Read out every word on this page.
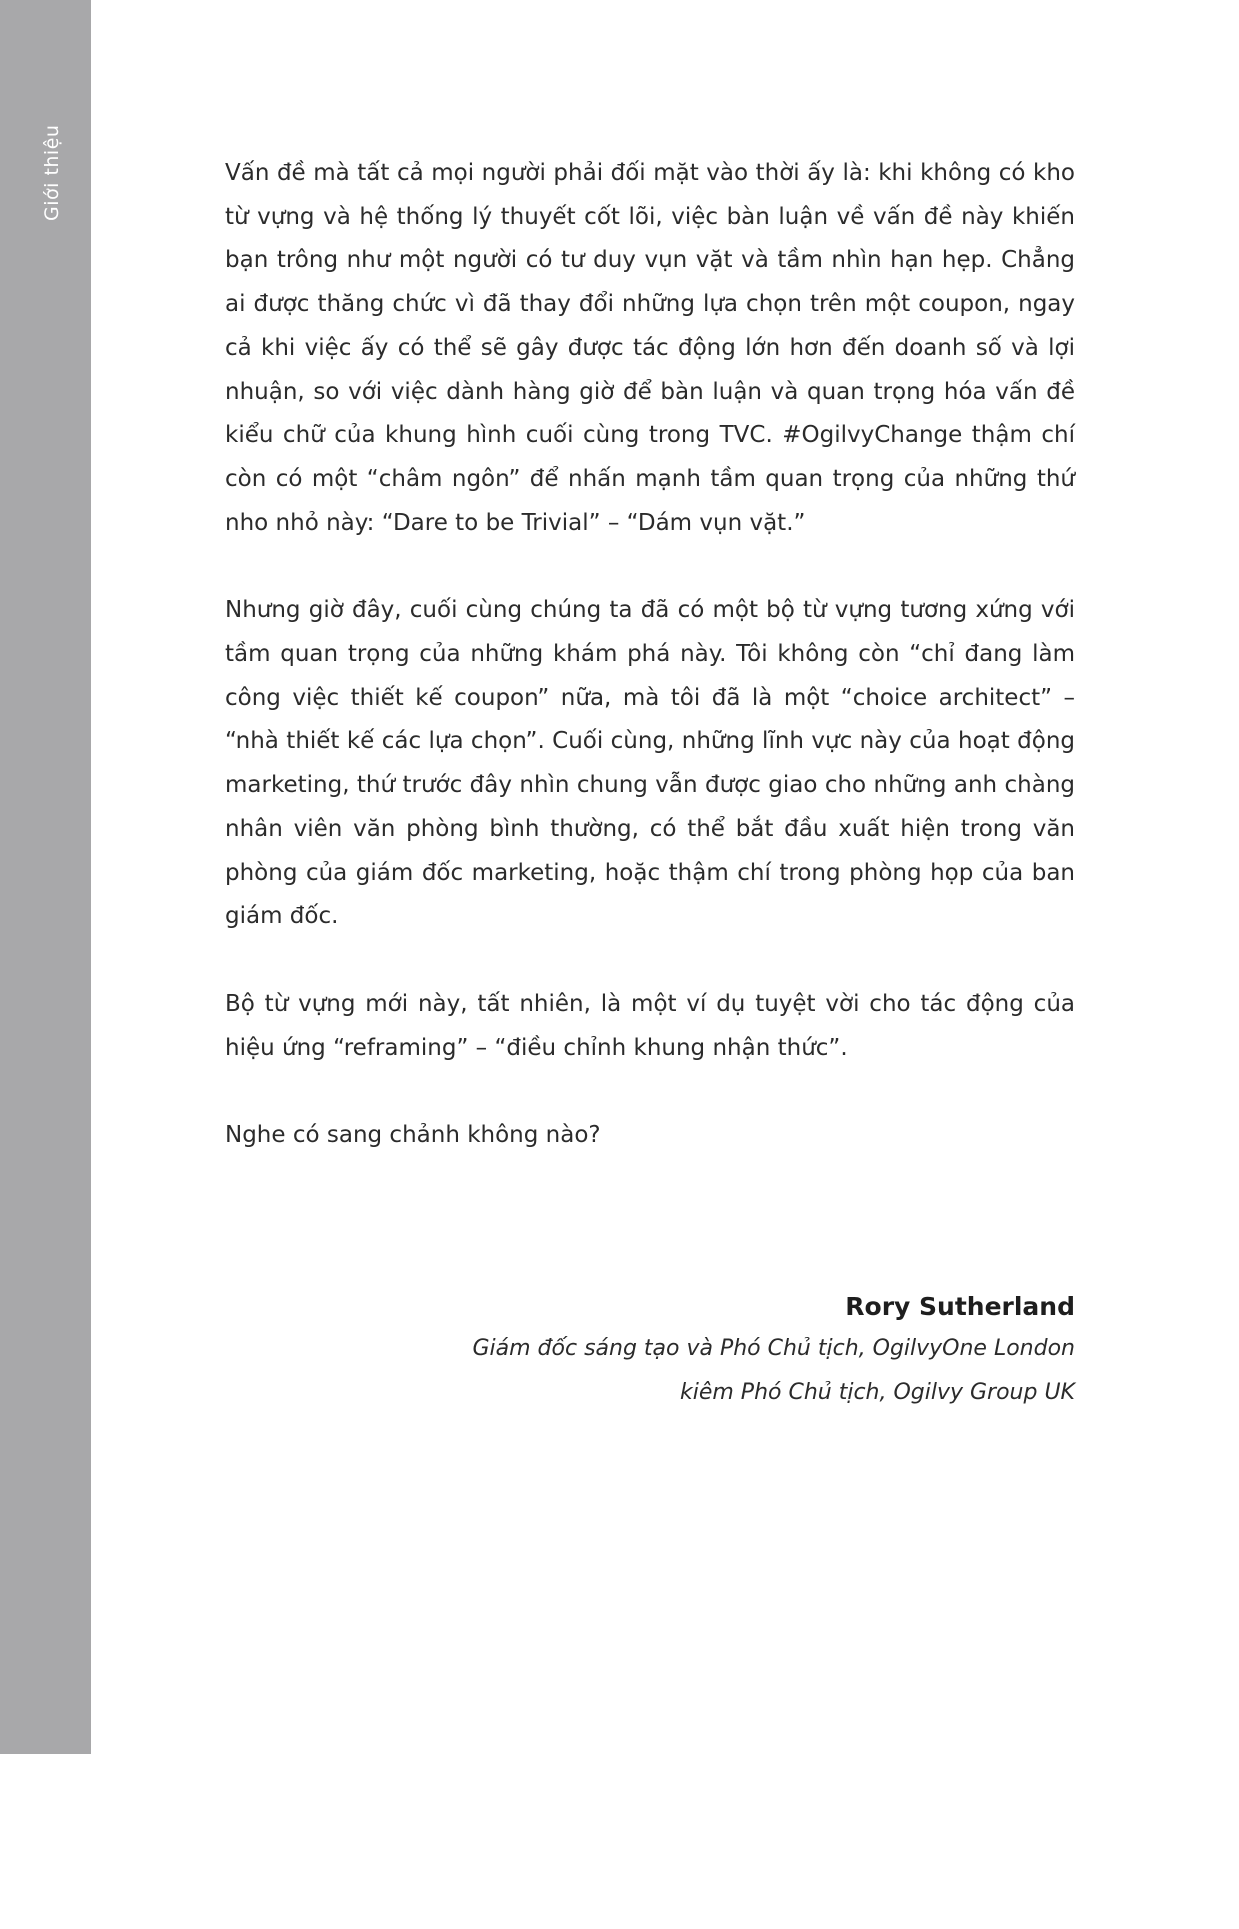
Giới thiệu
12
13

Vấn đề mà tất cả mọi người phải đối mặt vào thời ấy là: khi không có kho từ vựng và hệ thống lý thuyết cốt lõi, việc bàn luận về vấn đề này khiến bạn trông như một người có tư duy vụn vặt và tầm nhìn hạn hẹp. Chẳng ai được thăng chức vì đã thay đổi những lựa chọn trên một coupon, ngay cả khi việc ấy có thể sẽ gây được tác động lớn hơn đến doanh số và lợi nhuận, so với việc dành hàng giờ để bàn luận và quan trọng hóa vấn đề kiểu chữ của khung hình cuối cùng trong TVC. #OgilvyChange thậm chí còn có một “châm ngôn” để nhấn mạnh tầm quan trọng của những thứ nho nhỏ này: “Dare to be Trivial” – “Dám vụn vặt.”

Nhưng giờ đây, cuối cùng chúng ta đã có một bộ từ vựng tương xứng với tầm quan trọng của những khám phá này. Tôi không còn “chỉ đang làm công việc thiết kế coupon” nữa, mà tôi đã là một “choice architect” – “nhà thiết kế các lựa chọn”. Cuối cùng, những lĩnh vực này của hoạt động marketing, thứ trước đây nhìn chung vẫn được giao cho những anh chàng nhân viên văn phòng bình thường, có thể bắt đầu xuất hiện trong văn phòng của giám đốc marketing, hoặc thậm chí trong phòng họp của ban giám đốc.

Bộ từ vựng mới này, tất nhiên, là một ví dụ tuyệt vời cho tác động của hiệu ứng “reframing” – “điều chỉnh khung nhận thức”.

Nghe có sang chảnh không nào?

Rory Sutherland
Giám đốc sáng tạo và Phó Chủ tịch, OgilvyOne London
kiêm Phó Chủ tịch, Ogilvy Group UK
